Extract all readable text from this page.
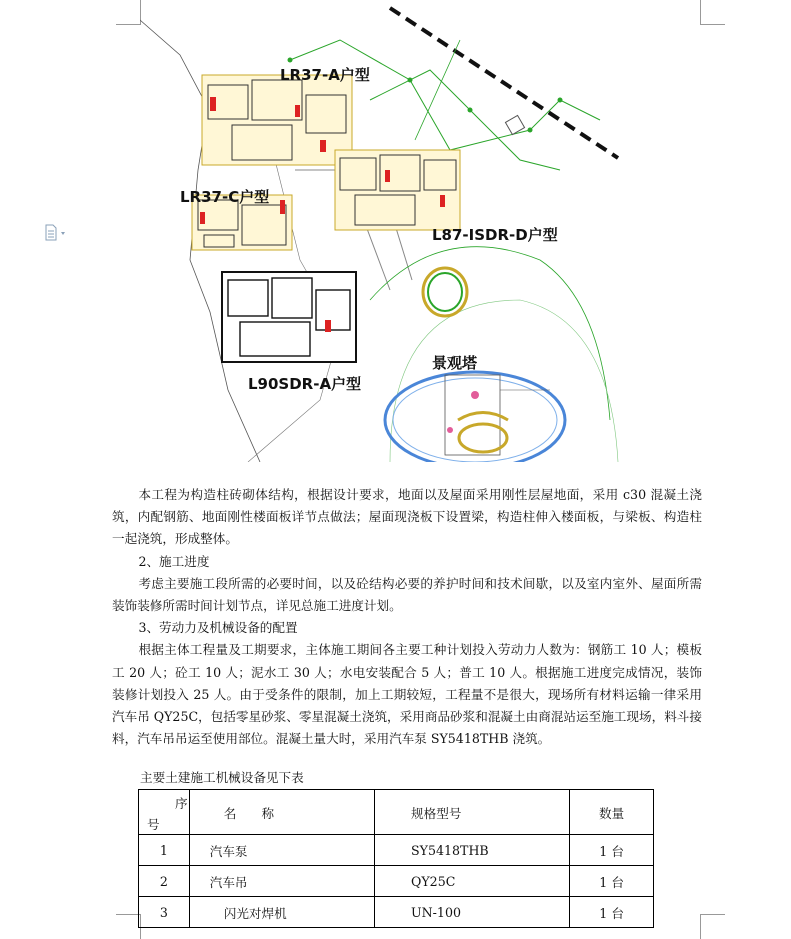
LR37-A户型
LR37-C户型
L87-ISDR-D户型
景观塔
L90SDR-A户型

本工程为构造柱砖砌体结构，根据设计要求，地面以及屋面采用刚性层屋地面，采用 c30 混凝土浇筑，内配钢筋、地面刚性楼面板详节点做法；屋面现浇板下设置梁，构造柱伸入楼面板，与梁板、构造柱一起浇筑，形成整体。

2、施工进度

考虑主要施工段所需的必要时间，以及砼结构必要的养护时间和技术间歇，以及室内室外、屋面所需装饰装修所需时间计划节点，详见总施工进度计划。

3、劳动力及机械设备的配置

根据主体工程量及工期要求，主体施工期间各主要工种计划投入劳动力人数为：钢筋工 10 人；模板工 20 人；砼工 10 人；泥水工 30 人；水电安装配合 5 人；普工 10 人。根据施工进度完成情况，装饰装修计划投入 25 人。由于受条件的限制，加上工期较短，工程量不是很大，现场所有材料运输一律采用汽车吊 QY25C，包括零星砂浆、零星混凝土浇筑，采用商品砂浆和混凝土由商混站运至施工现场，料斗接料，汽车吊吊运至使用部位。混凝土量大时，采用汽车泵 SY5418THB 浇筑。

主要土建施工机械设备见下表
序
号	名　　称	规格型号	数量
1	汽车泵	SY5418THB	1 台
2	汽车吊	QY25C	1 台
3	闪光对焊机	UN-100	1 台
